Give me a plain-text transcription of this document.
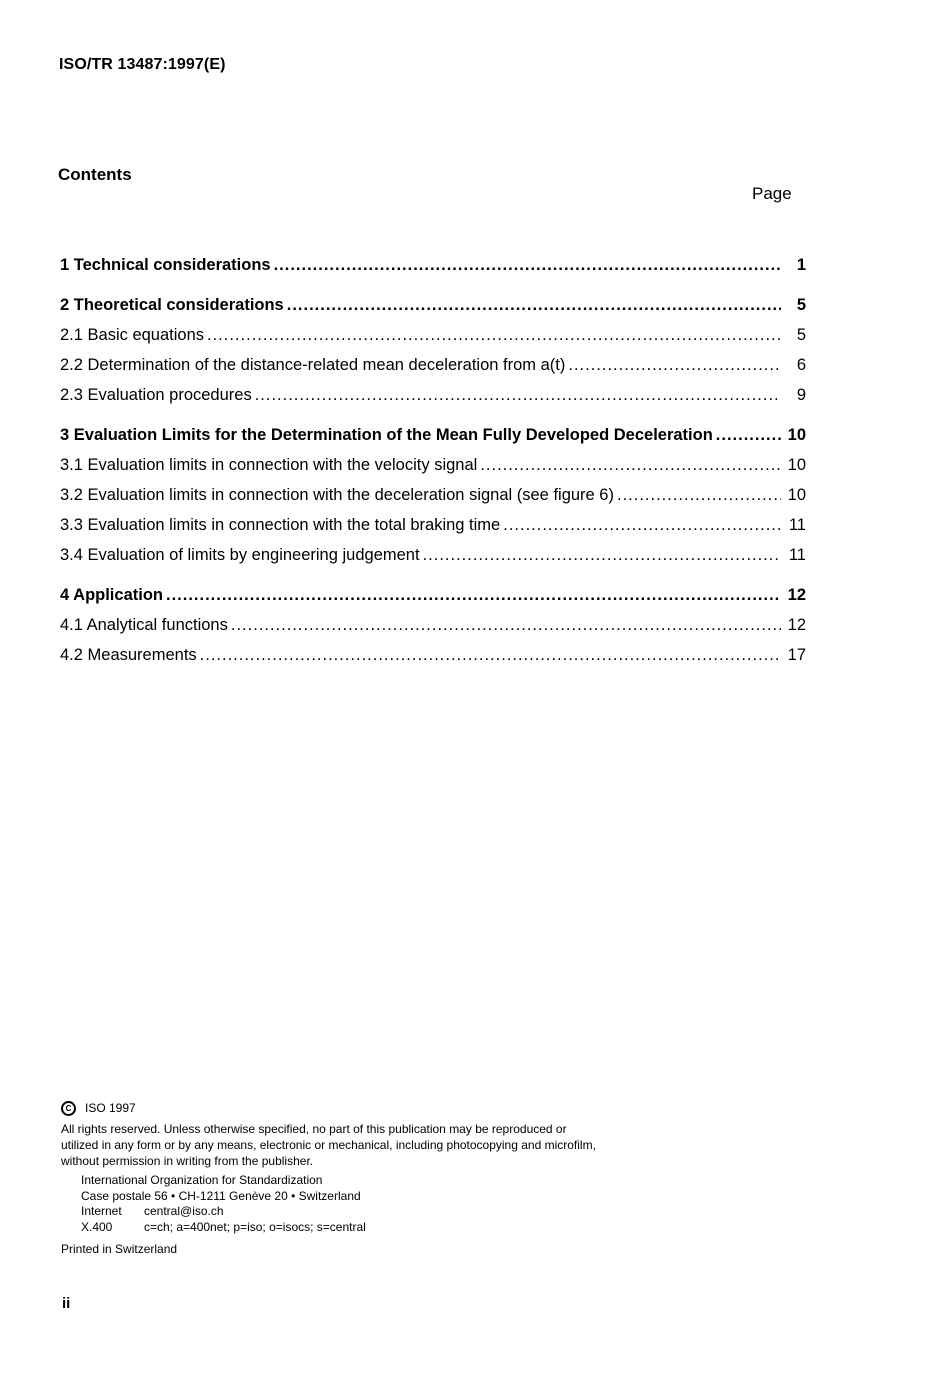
ISO/TR 13487:1997(E)
Contents
Page
1 Technical considerations .....	1
2 Theoretical considerations .....	5
2.1 Basic equations .....	5
2.2 Determination of the distance-related mean deceleration from a(t) .....	6
2.3 Evaluation procedures .....	9
3 Evaluation Limits for the Determination of the Mean Fully Developed Deceleration .....	10
3.1 Evaluation limits in connection with the velocity signal .....	10
3.2 Evaluation limits in connection with the deceleration signal (see figure 6) .....	10
3.3 Evaluation limits in connection with the total braking time .....	11
3.4 Evaluation of limits by engineering judgement .....	11
4 Application .....	12
4.1 Analytical functions .....	12
4.2 Measurements .....	17
C	ISO 1997
All rights reserved. Unless otherwise specified, no part of this publication may be reproduced or utilized in any form or by any means, electronic or mechanical, including photocopying and microfilm, without permission in writing from the publisher.
International Organization for Standardization
Case postale 56 • CH-1211 Genève 20 • Switzerland
Internet	central@iso.ch
X.400	c=ch; a=400net; p=iso; o=isocs; s=central
Printed in Switzerland
ii
